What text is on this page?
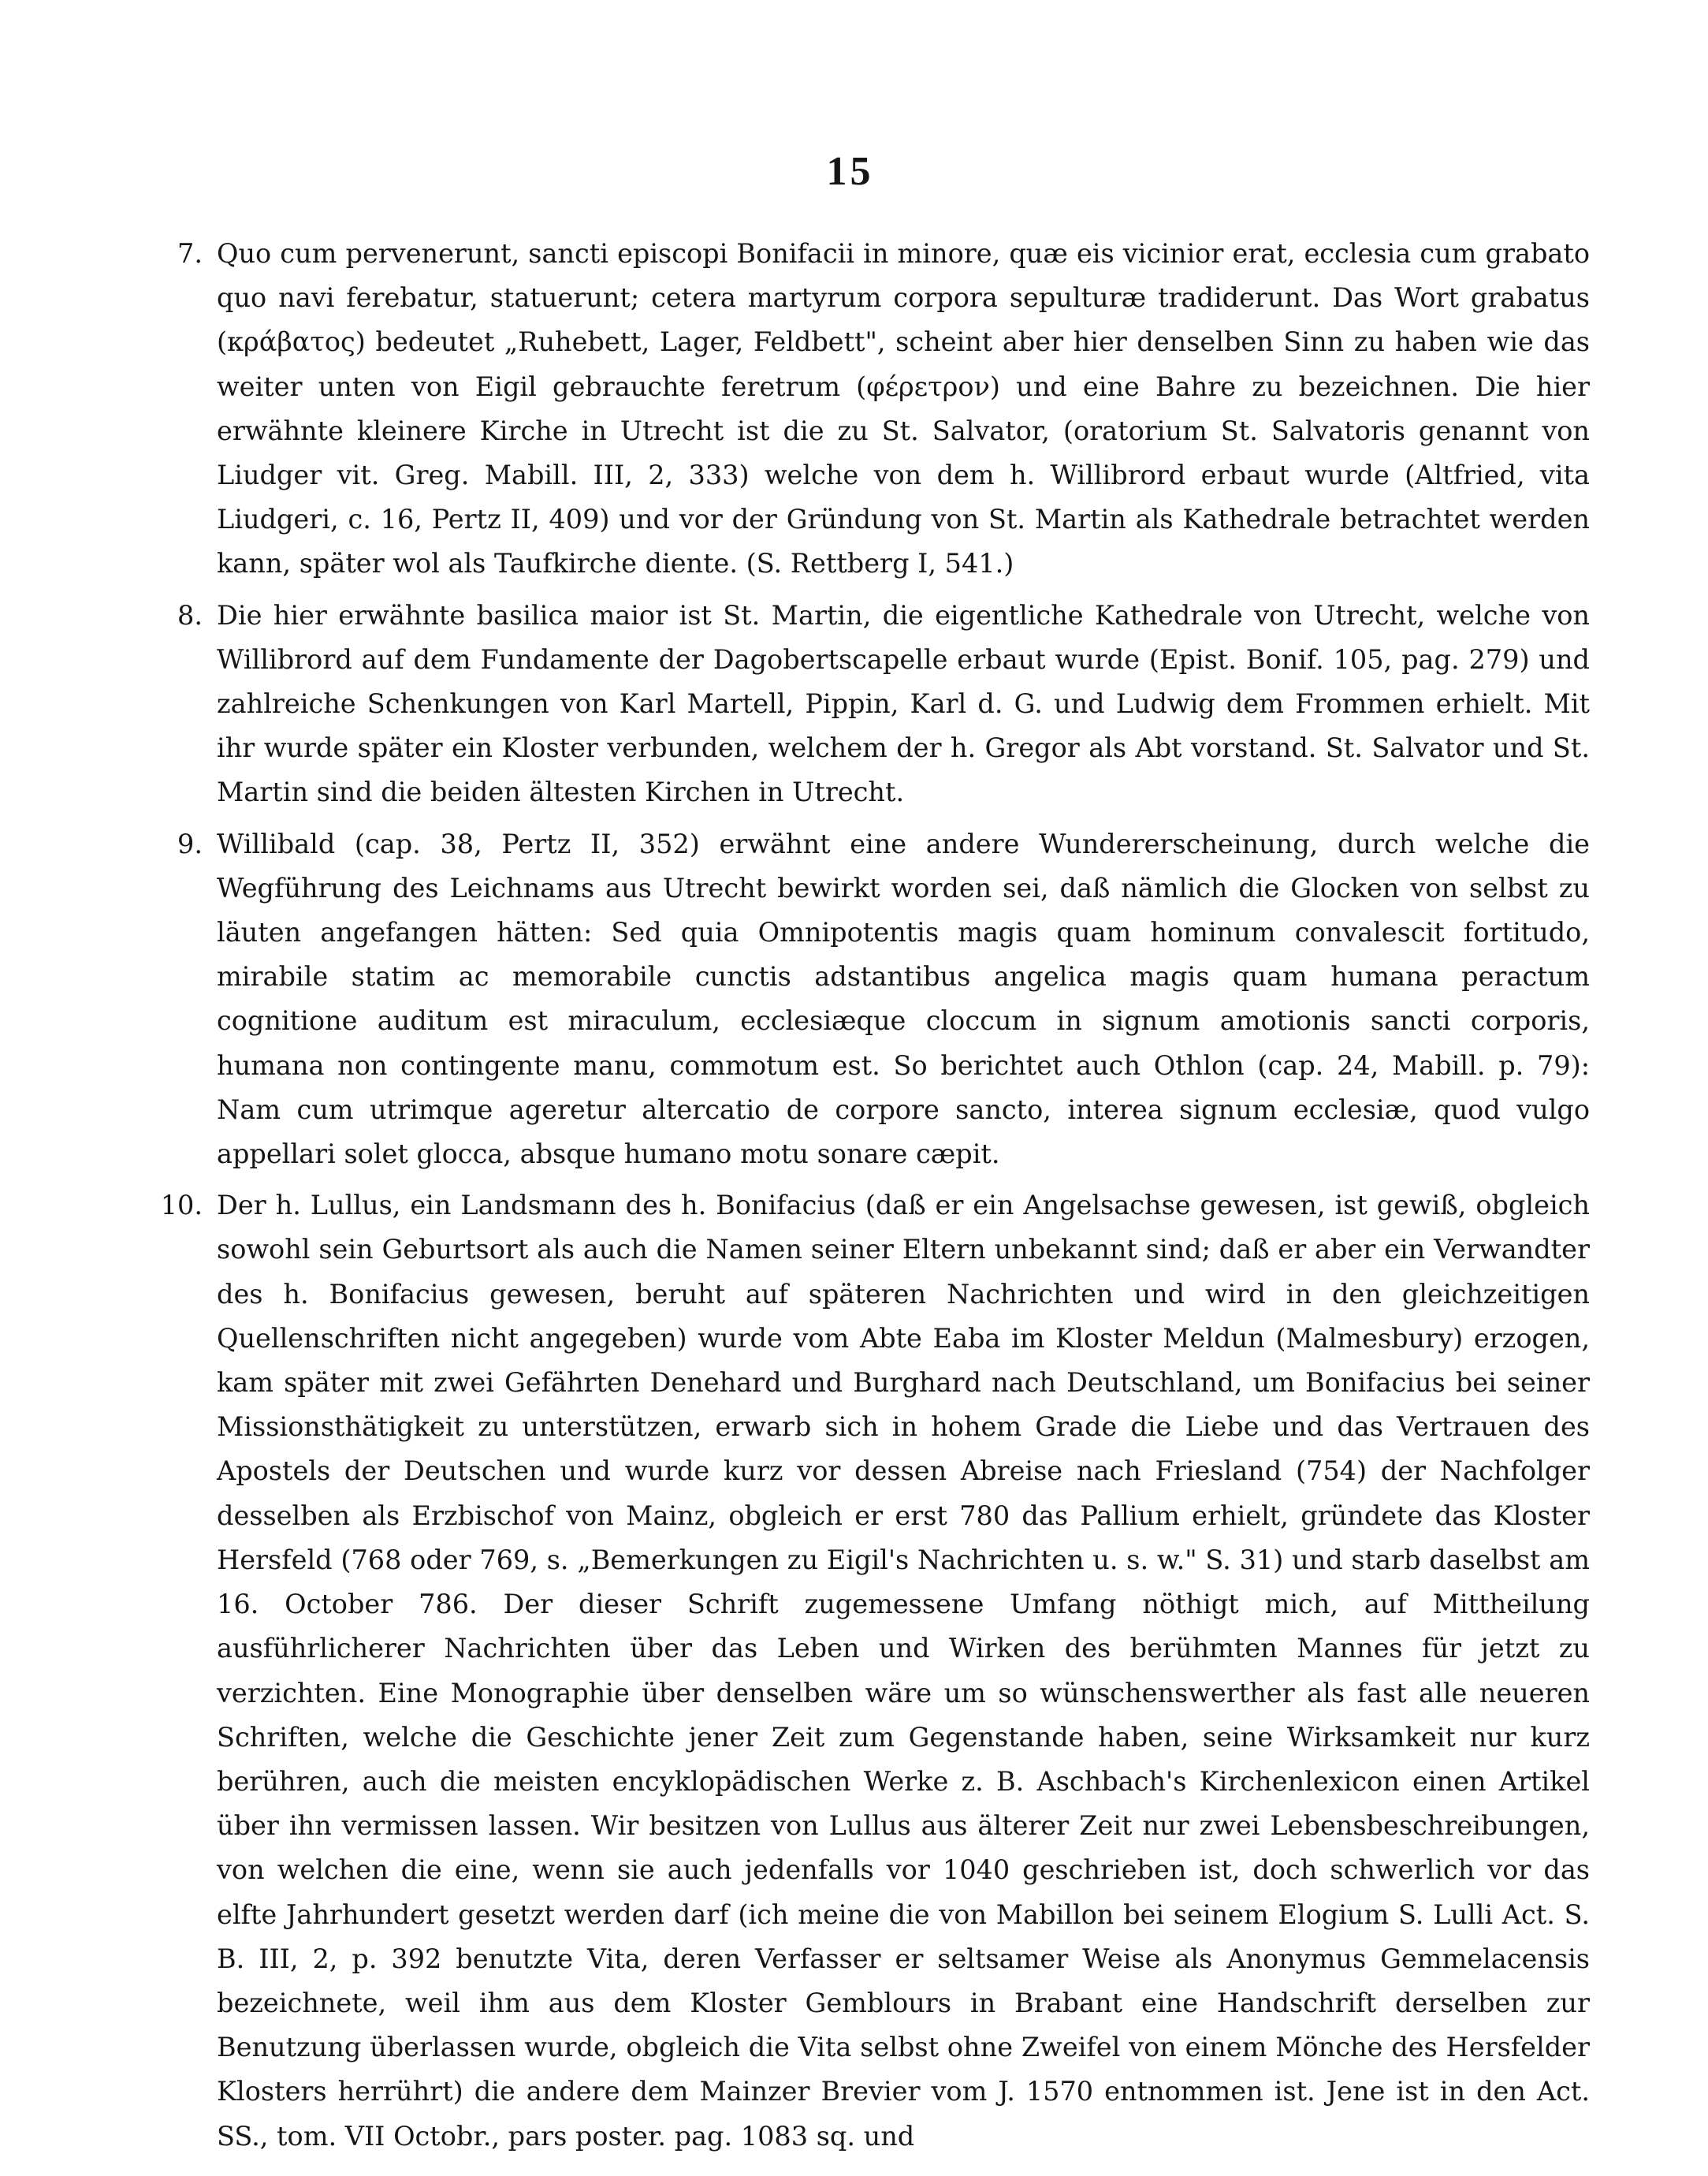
15

7. Quo cum pervenerunt, sancti episcopi Bonifacii in minore, quæ eis vicinior erat, ecclesia cum grabato quo navi ferebatur, statuerunt; cetera martyrum corpora sepulturæ tradiderunt. Das Wort grabatus (κράβατος) bedeutet „Ruhebett, Lager, Feldbett", scheint aber hier denselben Sinn zu haben wie das weiter unten von Eigil gebrauchte feretrum (φέρετρον) und eine Bahre zu bezeichnen. Die hier erwähnte kleinere Kirche in Utrecht ist die zu St. Salvator, (oratorium St. Salvatoris genannt von Liudger vit. Greg. Mabill. III, 2, 333) welche von dem h. Willibrord erbaut wurde (Altfried, vita Liudgeri, c. 16, Pertz II, 409) und vor der Gründung von St. Martin als Kathedrale betrachtet werden kann, später wol als Taufkirche diente. (S. Rettberg I, 541.)

8. Die hier erwähnte basilica maior ist St. Martin, die eigentliche Kathedrale von Utrecht, welche von Willibrord auf dem Fundamente der Dagobertscapelle erbaut wurde (Epist. Bonif. 105, pag. 279) und zahlreiche Schenkungen von Karl Martell, Pippin, Karl d. G. und Ludwig dem Frommen erhielt. Mit ihr wurde später ein Kloster verbunden, welchem der h. Gregor als Abt vorstand. St. Salvator und St. Martin sind die beiden ältesten Kirchen in Utrecht.

9. Willibald (cap. 38, Pertz II, 352) erwähnt eine andere Wundererscheinung, durch welche die Wegführung des Leichnams aus Utrecht bewirkt worden sei, daß nämlich die Glocken von selbst zu läuten angefangen hätten: Sed quia Omnipotentis magis quam hominum convalescit fortitudo, mirabile statim ac memorabile cunctis adstantibus angelica magis quam humana peractum cognitione auditum est miraculum, ecclesiæque cloccum in signum amotionis sancti corporis, humana non contingente manu, commotum est. So berichtet auch Othlon (cap. 24, Mabill. p. 79): Nam cum utrimque ageretur altercatio de corpore sancto, interea signum ecclesiæ, quod vulgo appellari solet glocca, absque humano motu sonare cæpit.

10. Der h. Lullus, ein Landsmann des h. Bonifacius (daß er ein Angelsachse gewesen, ist gewiß, obgleich sowohl sein Geburtsort als auch die Namen seiner Eltern unbekannt sind; daß er aber ein Verwandter des h. Bonifacius gewesen, beruht auf späteren Nachrichten und wird in den gleichzeitigen Quellenschriften nicht angegeben) wurde vom Abte Eaba im Kloster Meldun (Malmesbury) erzogen, kam später mit zwei Gefährten Denehard und Burghard nach Deutschland, um Bonifacius bei seiner Missionsthätigkeit zu unterstützen, erwarb sich in hohem Grade die Liebe und das Vertrauen des Apostels der Deutschen und wurde kurz vor dessen Abreise nach Friesland (754) der Nachfolger desselben als Erzbischof von Mainz, obgleich er erst 780 das Pallium erhielt, gründete das Kloster Hersfeld (768 oder 769, s. „Bemerkungen zu Eigil's Nachrichten u. s. w." S. 31) und starb daselbst am 16. October 786. Der dieser Schrift zugemessene Umfang nöthigt mich, auf Mittheilung ausführlicherer Nachrichten über das Leben und Wirken des berühmten Mannes für jetzt zu verzichten. Eine Monographie über denselben wäre um so wünschenswerther als fast alle neueren Schriften, welche die Geschichte jener Zeit zum Gegenstande haben, seine Wirksamkeit nur kurz berühren, auch die meisten encyklopädischen Werke z. B. Aschbach's Kirchenlexicon einen Artikel über ihn vermissen lassen. Wir besitzen von Lullus aus älterer Zeit nur zwei Lebensbeschreibungen, von welchen die eine, wenn sie auch jedenfalls vor 1040 geschrieben ist, doch schwerlich vor das elfte Jahrhundert gesetzt werden darf (ich meine die von Mabillon bei seinem Elogium S. Lulli Act. S. B. III, 2, p. 392 benutzte Vita, deren Verfasser er seltsamer Weise als Anonymus Gemmelacensis bezeichnete, weil ihm aus dem Kloster Gemblours in Brabant eine Handschrift derselben zur Benutzung überlassen wurde, obgleich die Vita selbst ohne Zweifel von einem Mönche des Hersfelder Klosters herrührt) die andere dem Mainzer Brevier vom J. 1570 entnommen ist. Jene ist in den Act. SS., tom. VII Octobr., pars poster. pag. 1083 sq. und
